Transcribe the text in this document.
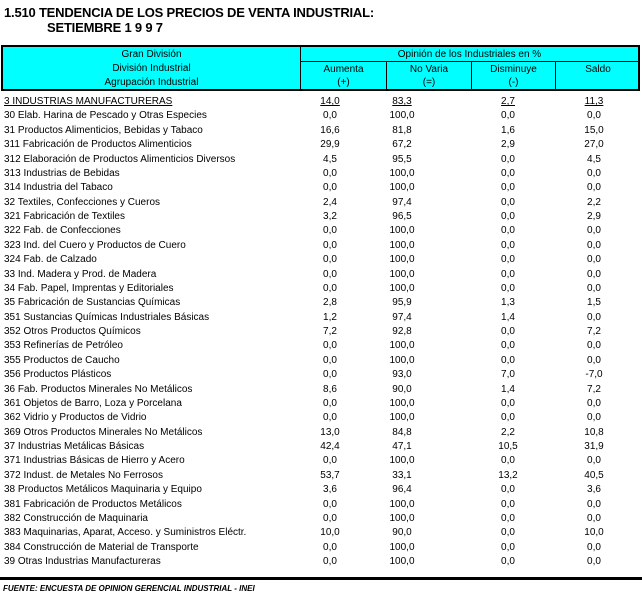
1.510 TENDENCIA DE LOS PRECIOS DE VENTA INDUSTRIAL:
SETIEMBRE 1 9 9 7
Gran División
División Industrial
Agrupación Industrial
Opinión de los Industriales en %
Aumenta
(+)
No Varia
(=)
Disminuye
(-)
Saldo
3 INDUSTRIAS MANUFACTURERAS	14,0	83,3	2,7	11,3
30 Elab. Harina de Pescado y Otras Especies	0,0	100,0	0,0	0,0
31 Productos Alimenticios, Bebidas y Tabaco	16,6	81,8	1,6	15,0
311 Fabricación de Productos Alimenticios	29,9	67,2	2,9	27,0
312 Elaboración de Productos Alimenticios Diversos	4,5	95,5	0,0	4,5
313 Industrias de Bebidas	0,0	100,0	0,0	0,0
314 Industria del Tabaco	0,0	100,0	0,0	0,0
32 Textiles, Confecciones y Cueros	2,4	97,4	0,0	2,2
321 Fabricación de Textiles	3,2	96,5	0,0	2,9
322 Fab. de Confecciones	0,0	100,0	0,0	0,0
323 Ind. del Cuero y Productos de Cuero	0,0	100,0	0,0	0,0
324 Fab. de Calzado	0,0	100,0	0,0	0,0
33 Ind. Madera y Prod. de Madera	0,0	100,0	0,0	0,0
34 Fab. Papel, Imprentas y Editoriales	0,0	100,0	0,0	0,0
35 Fabricación de Sustancias Químicas	2,8	95,9	1,3	1,5
351 Sustancias Químicas Industriales Básicas	1,2	97,4	1,4	0,0
352 Otros Productos Químicos	7,2	92,8	0,0	7,2
353 Refinerías de Petróleo	0,0	100,0	0,0	0,0
355 Productos de Caucho	0,0	100,0	0,0	0,0
356 Productos Plásticos	0,0	93,0	7,0	-7,0
36 Fab. Productos Minerales No Metálicos	8,6	90,0	1,4	7,2
361 Objetos de Barro, Loza y Porcelana	0,0	100,0	0,0	0,0
362 Vidrio y Productos de Vidrio	0,0	100,0	0,0	0,0
369 Otros Productos Minerales No Metálicos	13,0	84,8	2,2	10,8
37 Industrias Metálicas Básicas	42,4	47,1	10,5	31,9
371 Industrias Básicas de Hierro y Acero	0,0	100,0	0,0	0,0
372 Indust. de Metales No Ferrosos	53,7	33,1	13,2	40,5
38 Productos Metálicos Maquinaria y Equipo	3,6	96,4	0,0	3,6
381 Fabricación de Productos Metálicos	0,0	100,0	0,0	0,0
382 Construcción de Maquinaria	0,0	100,0	0,0	0,0
383 Maquinarias, Aparat, Acceso. y Suministros Eléctr.	10,0	90,0	0,0	10,0
384 Construcción de Material de Transporte	0,0	100,0	0,0	0,0
39 Otras Industrias Manufactureras	0,0	100,0	0,0	0,0
FUENTE: ENCUESTA DE OPINION GERENCIAL INDUSTRIAL - INEI
